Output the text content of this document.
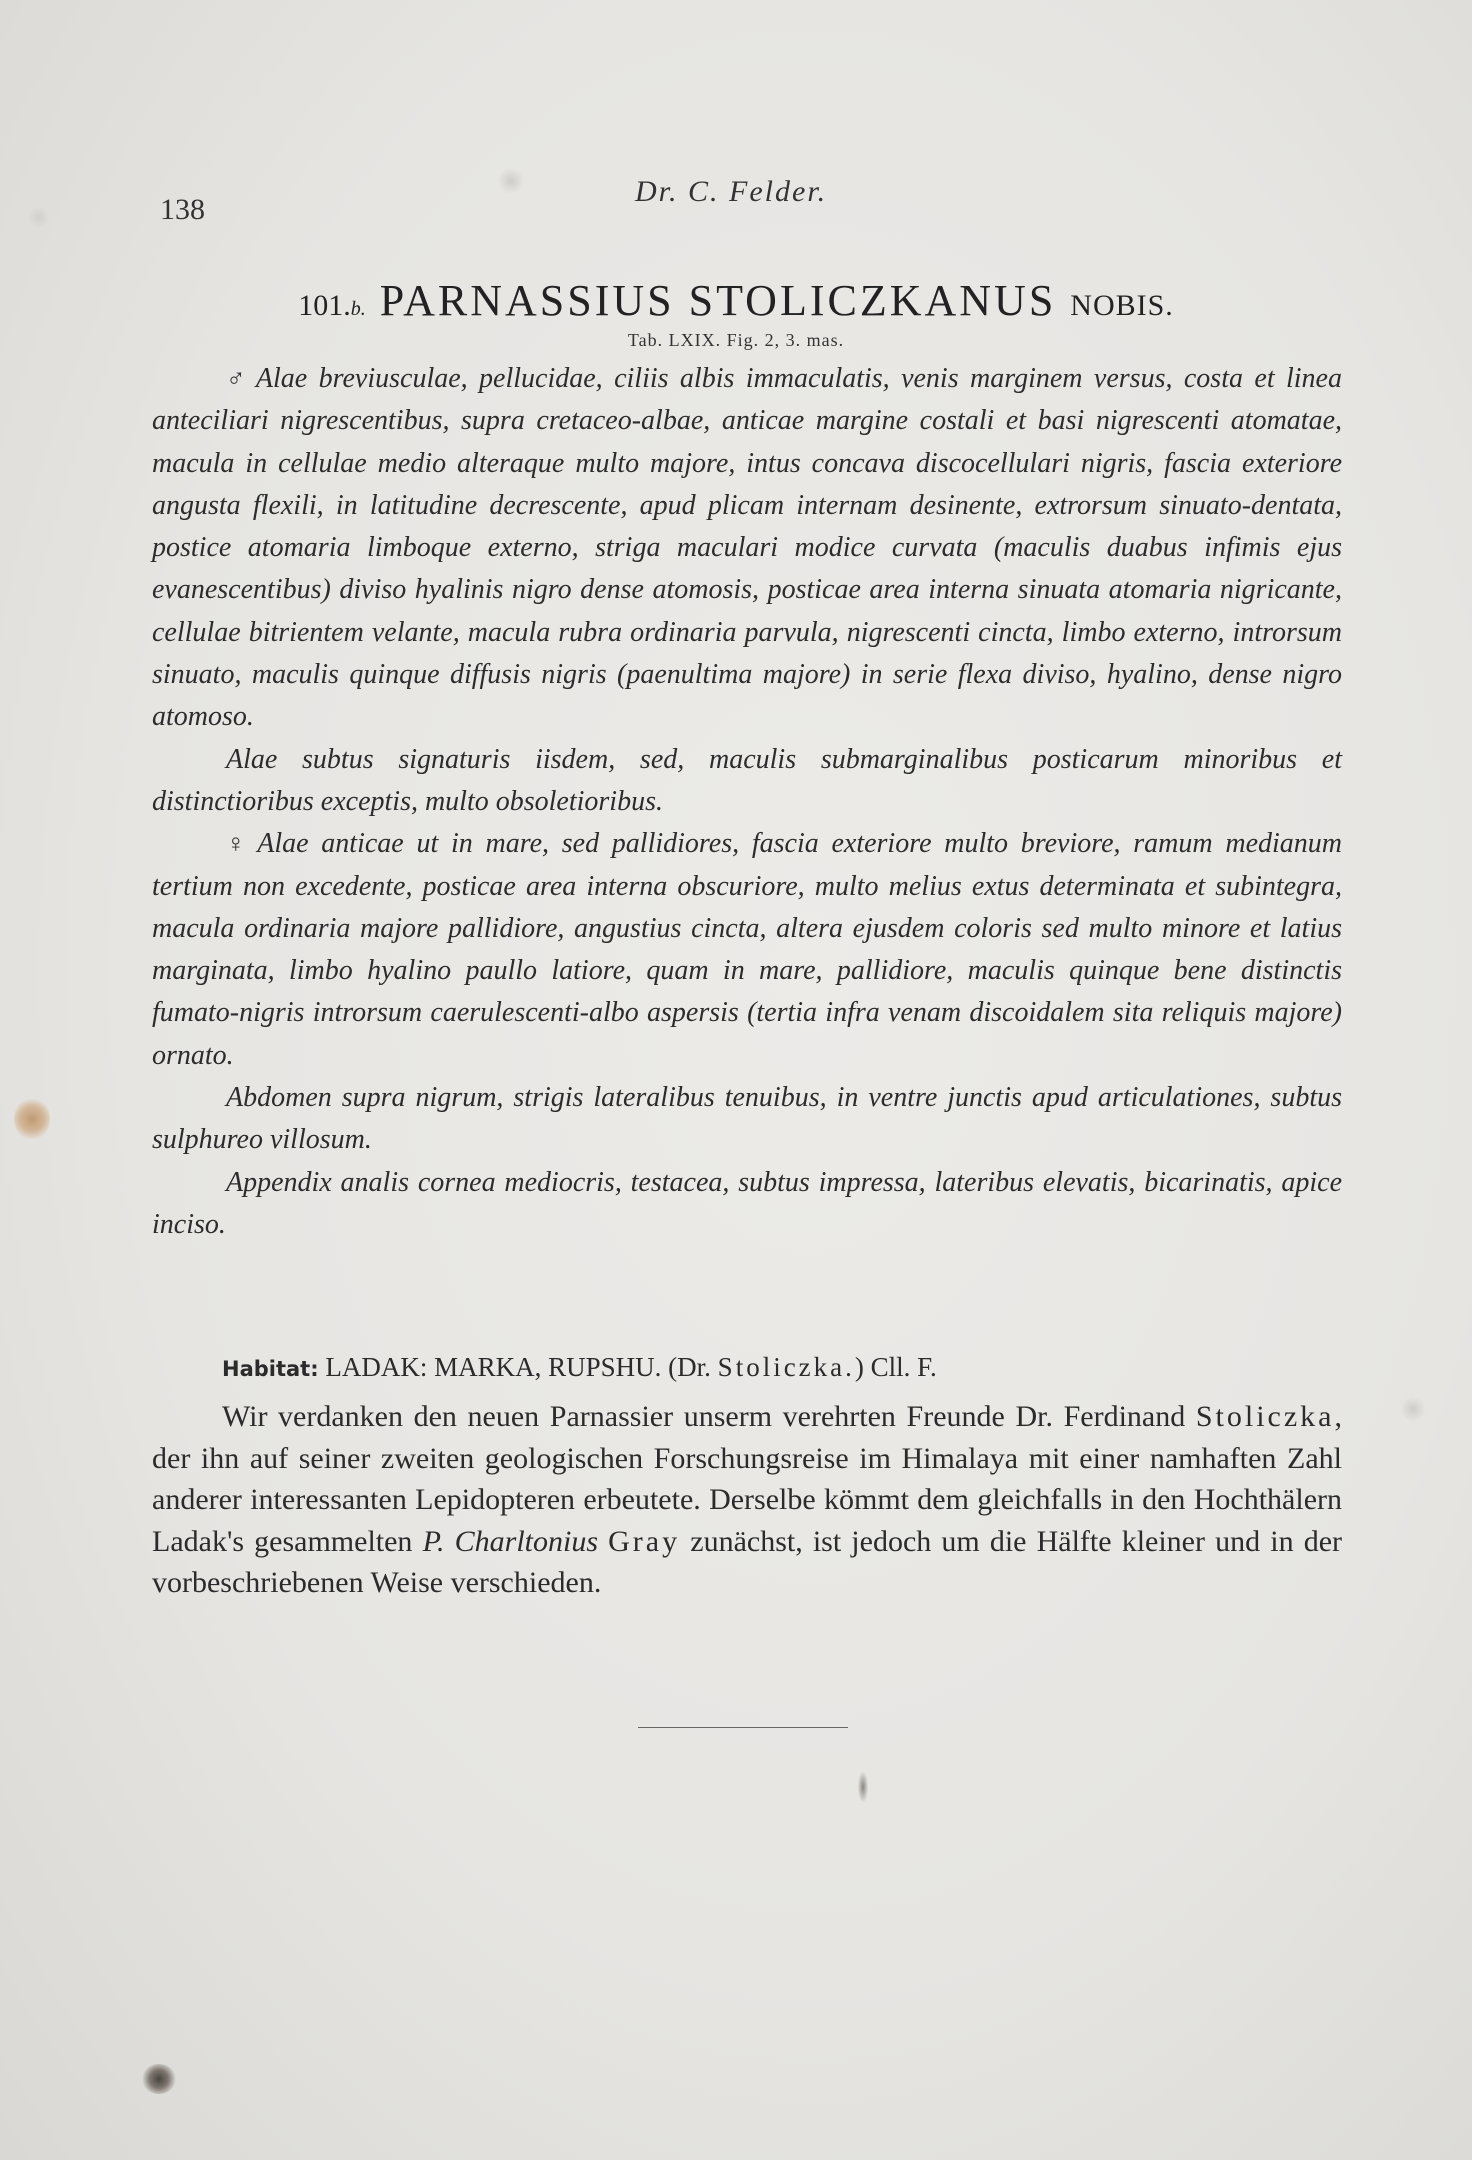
138
Dr. C. Felder.
101.b. PARNASSIUS STOLICZKANUS NOBIS.
Tab. LXIX. Fig. 2, 3. mas.

♂ Alae breviusculae, pellucidae, ciliis albis immaculatis, venis marginem versus, costa et linea anteciliari nigrescentibus, supra cretaceo-albae, anticae margine costali et basi nigrescenti atomatae, macula in cellulae medio alteraque multo majore, intus concava discocellulari nigris, fascia exteriore angusta flexili, in latitudine decrescente, apud plicam internam desinente, extrorsum sinuato-dentata, postice atomaria limboque externo, striga maculari modice curvata (maculis duabus infimis ejus evanescentibus) diviso hyalinis nigro dense atomosis, posticae area interna sinuata atomaria nigricante, cellulae bitrientem velante, macula rubra ordinaria parvula, nigrescenti cincta, limbo externo, introrsum sinuato, maculis quinque diffusis nigris (paenultima majore) in serie flexa diviso, hyalino, dense nigro atomoso.

Alae subtus signaturis iisdem, sed, maculis submarginalibus posticarum minoribus et distinctioribus exceptis, multo obsoletioribus.

♀ Alae anticae ut in mare, sed pallidiores, fascia exteriore multo breviore, ramum medianum tertium non excedente, posticae area interna obscuriore, multo melius extus determinata et subintegra, macula ordinaria majore pallidiore, angustius cincta, altera ejusdem coloris sed multo minore et latius marginata, limbo hyalino paullo latiore, quam in mare, pallidiore, maculis quinque bene distinctis fumato-nigris introrsum caerulescenti-albo aspersis (tertia infra venam discoidalem sita reliquis majore) ornato.

Abdomen supra nigrum, strigis lateralibus tenuibus, in ventre junctis apud articulationes, subtus sulphureo villosum.

Appendix analis cornea mediocris, testacea, subtus impressa, lateribus elevatis, bicarinatis, apice inciso.

Habitat: LADAK: MARKA, RUPSHU. (Dr. Stoliczka.) Cll. F.

Wir verdanken den neuen Parnassier unserm verehrten Freunde Dr. Ferdinand Stoliczka, der ihn auf seiner zweiten geologischen Forschungsreise im Himalaya mit einer namhaften Zahl anderer interessanten Lepidopteren erbeutete. Derselbe kömmt dem gleichfalls in den Hochthälern Ladak's gesammelten P. Charltonius Gray zunächst, ist jedoch um die Hälfte kleiner und in der vorbeschriebenen Weise verschieden.
